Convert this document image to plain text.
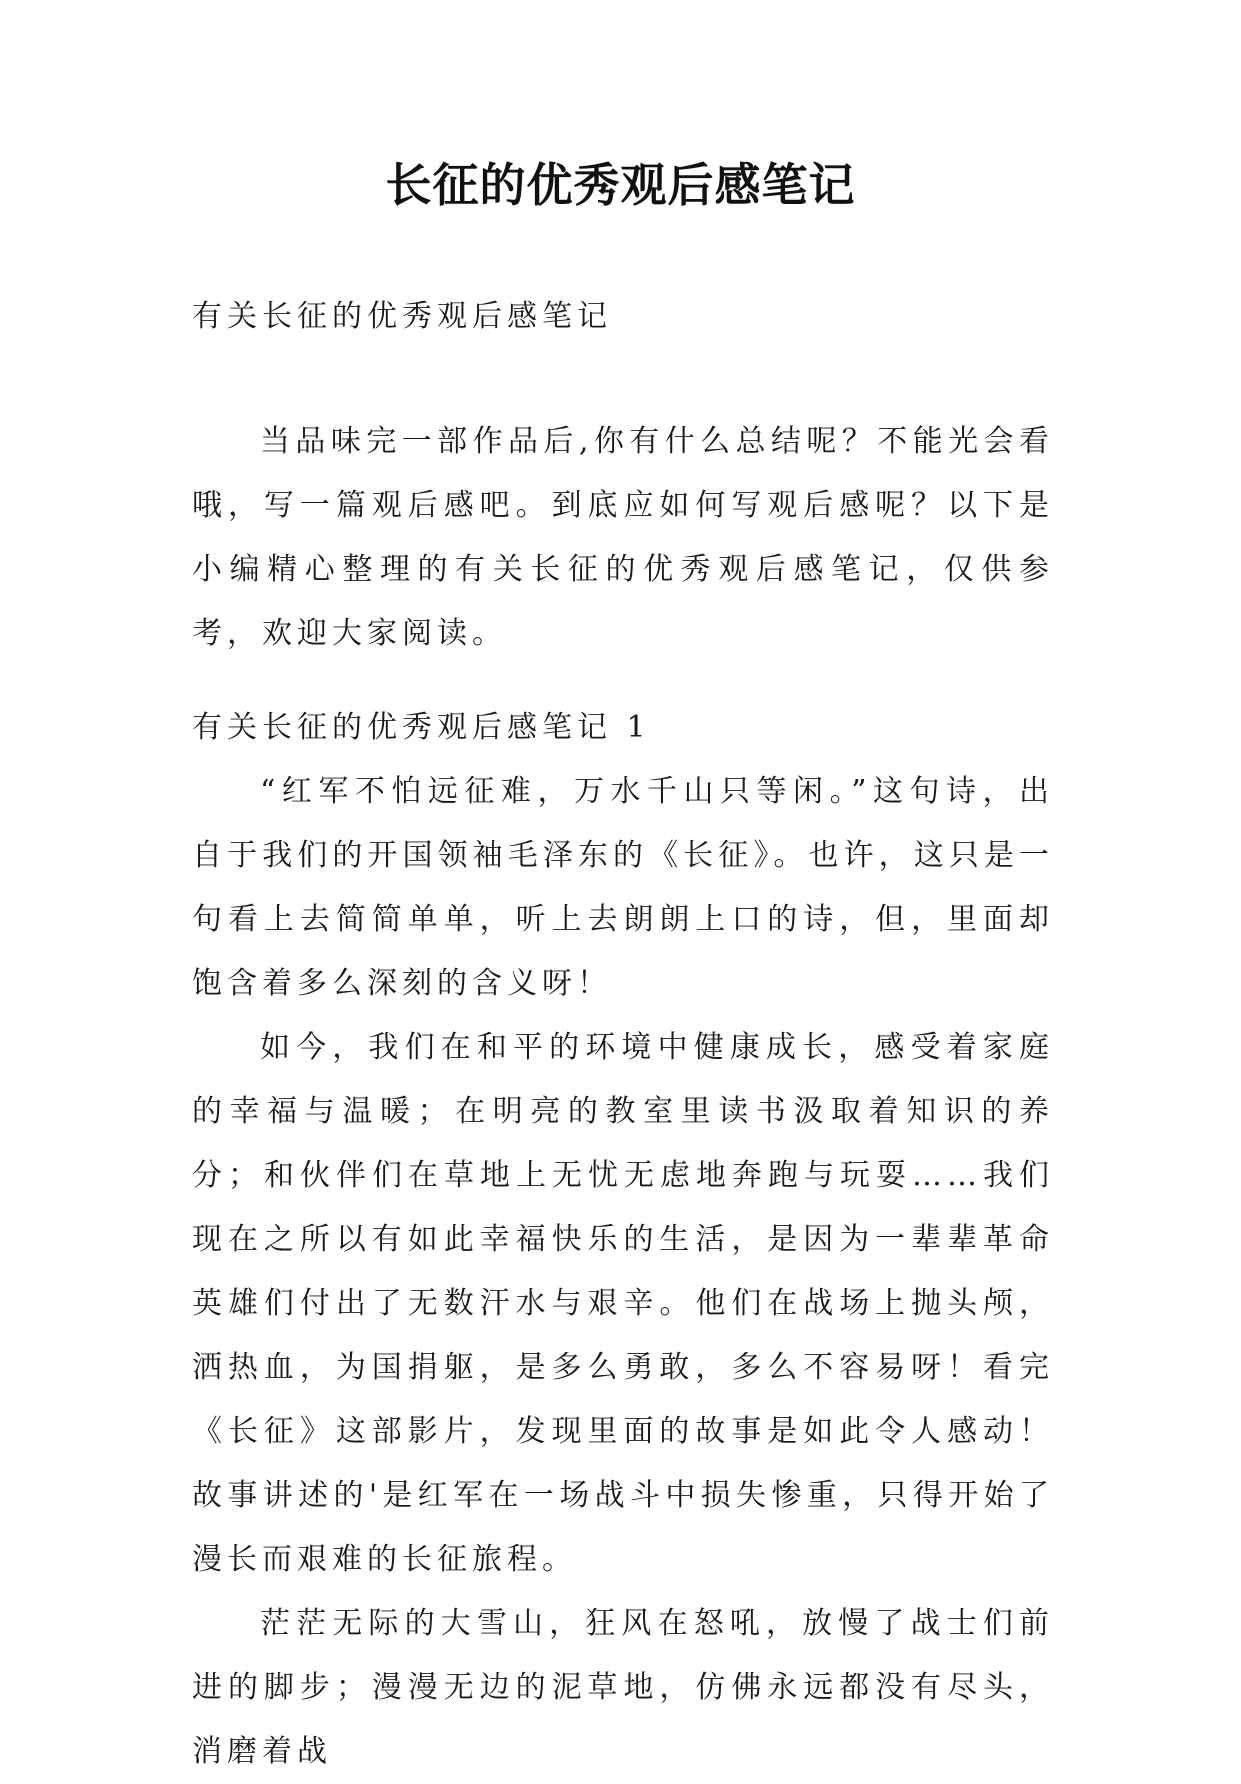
长征的优秀观后感笔记

有关长征的优秀观后感笔记

当品味完一部作品后,你有什么总结呢？不能光会看哦，写一篇观后感吧。到底应如何写观后感呢？以下是小编精心整理的有关长征的优秀观后感笔记，仅供参考，欢迎大家阅读。

有关长征的优秀观后感笔记 1

“红军不怕远征难，万水千山只等闲。”这句诗，出自于我们的开国领袖毛泽东的《长征》。也许，这只是一句看上去简简单单，听上去朗朗上口的诗，但，里面却饱含着多么深刻的含义呀！

如今，我们在和平的环境中健康成长，感受着家庭的幸福与温暖；在明亮的教室里读书汲取着知识的养分；和伙伴们在草地上无忧无虑地奔跑与玩耍……我们现在之所以有如此幸福快乐的生活，是因为一辈辈革命英雄们付出了无数汗水与艰辛。他们在战场上抛头颅，洒热血，为国捐躯，是多么勇敢，多么不容易呀！看完《长征》这部影片，发现里面的故事是如此令人感动！故事讲述的'是红军在一场战斗中损失惨重，只得开始了漫长而艰难的长征旅程。

茫茫无际的大雪山，狂风在怒吼，放慢了战士们前进的脚步；漫漫无边的泥草地，仿佛永远都没有尽头，消磨着战
